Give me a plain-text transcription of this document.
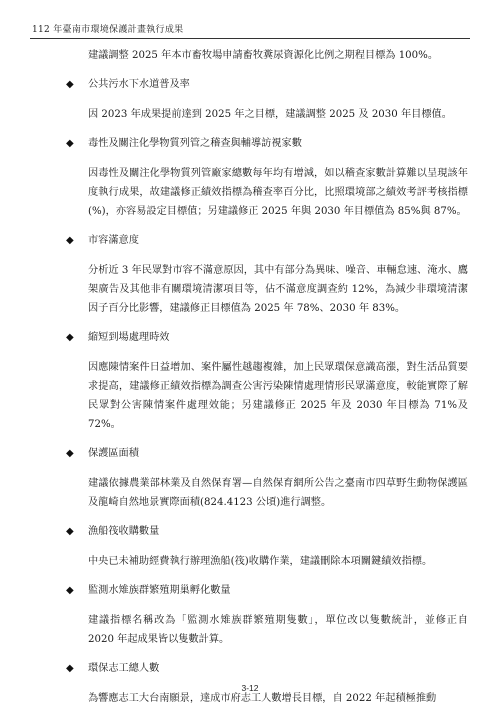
112 年臺南市環境保護計畫執行成果

建議調整 2025 年本市畜牧場申請畜牧糞尿資源化比例之期程目標為 100%。

◆ 公共污水下水道普及率

因 2023 年成果提前達到 2025 年之目標，建議調整 2025 及 2030 年目標值。

◆ 毒性及關注化學物質列管之稽查與輔導訪視家數

因毒性及關注化學物質列管廠家總數每年均有增減，如以稽查家數計算難以呈現該年度執行成果，故建議修正績效指標為稽查率百分比，比照環境部之績效考評考核指標(%)，亦容易設定目標值；另建議修正 2025 年與 2030 年目標值為 85%與 87%。

◆ 市容滿意度

分析近 3 年民眾對市容不滿意原因，其中有部分為異味、噪音、車輛怠速、淹水、鷹架廣告及其他非有關環境清潔項目等，佔不滿意度調查約 12%，為減少非環境清潔因子百分比影響，建議修正目標值為 2025 年 78%、2030 年 83%。

◆ 縮短到場處理時效

因應陳情案件日益增加、案件屬性越趨複雜，加上民眾環保意識高漲，對生活品質要求提高，建議修正績效指標為調查公害污染陳情處理情形民眾滿意度，較能實際了解民眾對公害陳情案件處理效能；另建議修正 2025 年及 2030 年目標為 71%及 72%。

◆ 保護區面積

建議依據農業部林業及自然保育署—自然保育網所公告之臺南市四草野生動物保護區及龍崎自然地景實際面積(824.4123 公頃)進行調整。

◆ 漁船筏收購數量

中央已未補助經費執行辦理漁船(筏)收購作業，建議刪除本項關鍵績效指標。

◆ 監測水雉族群繁殖期巢孵化數量

建議指標名稱改為「監測水雉族群繁殖期隻數」，單位改以隻數統計，並修正自 2020 年起成果皆以隻數計算。

◆ 環保志工總人數

為響應志工大台南願景，達成市府志工人數增長目標，自 2022 年起積極推動

3-12
